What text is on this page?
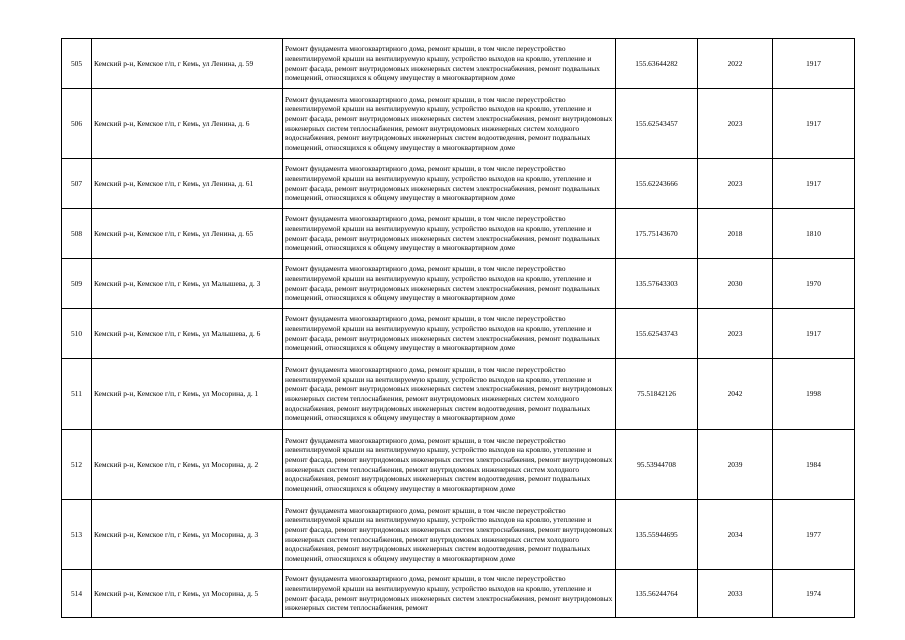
505	Кемский р-н, Кемское г/п, г Кемь, ул Ленина, д. 59	Ремонт фундамента многоквартирного дома, ремонт крыши, в том числе переустройство невентилируемой крыши на вентилируемую крышу, устройство выходов на кровлю, утепление и ремонт фасада, ремонт внутридомовых инженерных систем электроснабжения, ремонт подвальных помещений, относящихся к общему имуществу в многоквартирном доме	155.63644282	2022	1917
506	Кемский р-н, Кемское г/п, г Кемь, ул Ленина, д. 6	Ремонт фундамента многоквартирного дома, ремонт крыши, в том числе переустройство невентилируемой крыши на вентилируемую крышу, устройство выходов на кровлю, утепление и ремонт фасада, ремонт внутридомовых инженерных систем электроснабжения, ремонт внутридомовых инженерных систем теплоснабжения, ремонт внутридомовых инженерных систем холодного водоснабжения, ремонт внутридомовых инженерных систем водоотведения, ремонт подвальных помещений, относящихся к общему имуществу в многоквартирном доме	155.62543457	2023	1917
507	Кемский р-н, Кемское г/п, г Кемь, ул Ленина, д. 61	Ремонт фундамента многоквартирного дома, ремонт крыши, в том числе переустройство невентилируемой крыши на вентилируемую крышу, устройство выходов на кровлю, утепление и ремонт фасада, ремонт внутридомовых инженерных систем электроснабжения, ремонт подвальных помещений, относящихся к общему имуществу в многоквартирном доме	155.62243666	2023	1917
508	Кемский р-н, Кемское г/п, г Кемь, ул Ленина, д. 65	Ремонт фундамента многоквартирного дома, ремонт крыши, в том числе переустройство невентилируемой крыши на вентилируемую крышу, устройство выходов на кровлю, утепление и ремонт фасада, ремонт внутридомовых инженерных систем электроснабжения, ремонт подвальных помещений, относящихся к общему имуществу в многоквартирном доме	175.75143670	2018	1810
509	Кемский р-н, Кемское г/п, г Кемь, ул Малышева, д. 3	Ремонт фундамента многоквартирного дома, ремонт крыши, в том числе переустройство невентилируемой крыши на вентилируемую крышу, устройство выходов на кровлю, утепление и ремонт фасада, ремонт внутридомовых инженерных систем электроснабжения, ремонт подвальных помещений, относящихся к общему имуществу в многоквартирном доме	135.57643303	2030	1970
510	Кемский р-н, Кемское г/п, г Кемь, ул Малышева, д. 6	Ремонт фундамента многоквартирного дома, ремонт крыши, в том числе переустройство невентилируемой крыши на вентилируемую крышу, устройство выходов на кровлю, утепление и ремонт фасада, ремонт внутридомовых инженерных систем электроснабжения, ремонт подвальных помещений, относящихся к общему имуществу в многоквартирном доме	155.62543743	2023	1917
511	Кемский р-н, Кемское г/п, г Кемь, ул Мосорина, д. 1	Ремонт фундамента многоквартирного дома, ремонт крыши, в том числе переустройство невентилируемой крыши на вентилируемую крышу, устройство выходов на кровлю, утепление и ремонт фасада, ремонт внутридомовых инженерных систем электроснабжения, ремонт внутридомовых инженерных систем теплоснабжения, ремонт внутридомовых инженерных систем холодного водоснабжения, ремонт внутридомовых инженерных систем водоотведения, ремонт подвальных помещений, относящихся к общему имуществу в многоквартирном доме	75.51842126	2042	1998
512	Кемский р-н, Кемское г/п, г Кемь, ул Мосорина, д. 2	Ремонт фундамента многоквартирного дома, ремонт крыши, в том числе переустройство невентилируемой крыши на вентилируемую крышу, устройство выходов на кровлю, утепление и ремонт фасада, ремонт внутридомовых инженерных систем электроснабжения, ремонт внутридомовых инженерных систем теплоснабжения, ремонт внутридомовых инженерных систем холодного водоснабжения, ремонт внутридомовых инженерных систем водоотведения, ремонт подвальных помещений, относящихся к общему имуществу в многоквартирном доме	95.53944708	2039	1984
513	Кемский р-н, Кемское г/п, г Кемь, ул Мосорина, д. 3	Ремонт фундамента многоквартирного дома, ремонт крыши, в том числе переустройство невентилируемой крыши на вентилируемую крышу, устройство выходов на кровлю, утепление и ремонт фасада, ремонт внутридомовых инженерных систем электроснабжения, ремонт внутридомовых инженерных систем теплоснабжения, ремонт внутридомовых инженерных систем холодного водоснабжения, ремонт внутридомовых инженерных систем водоотведения, ремонт подвальных помещений, относящихся к общему имуществу в многоквартирном доме	135.55944695	2034	1977
514	Кемский р-н, Кемское г/п, г Кемь, ул Мосорина, д. 5	Ремонт фундамента многоквартирного дома, ремонт крыши, в том числе переустройство невентилируемой крыши на вентилируемую крышу, устройство выходов на кровлю, утепление и ремонт фасада, ремонт внутридомовых инженерных систем электроснабжения, ремонт внутридомовых инженерных систем теплоснабжения, ремонт	135.56244764	2033	1974
